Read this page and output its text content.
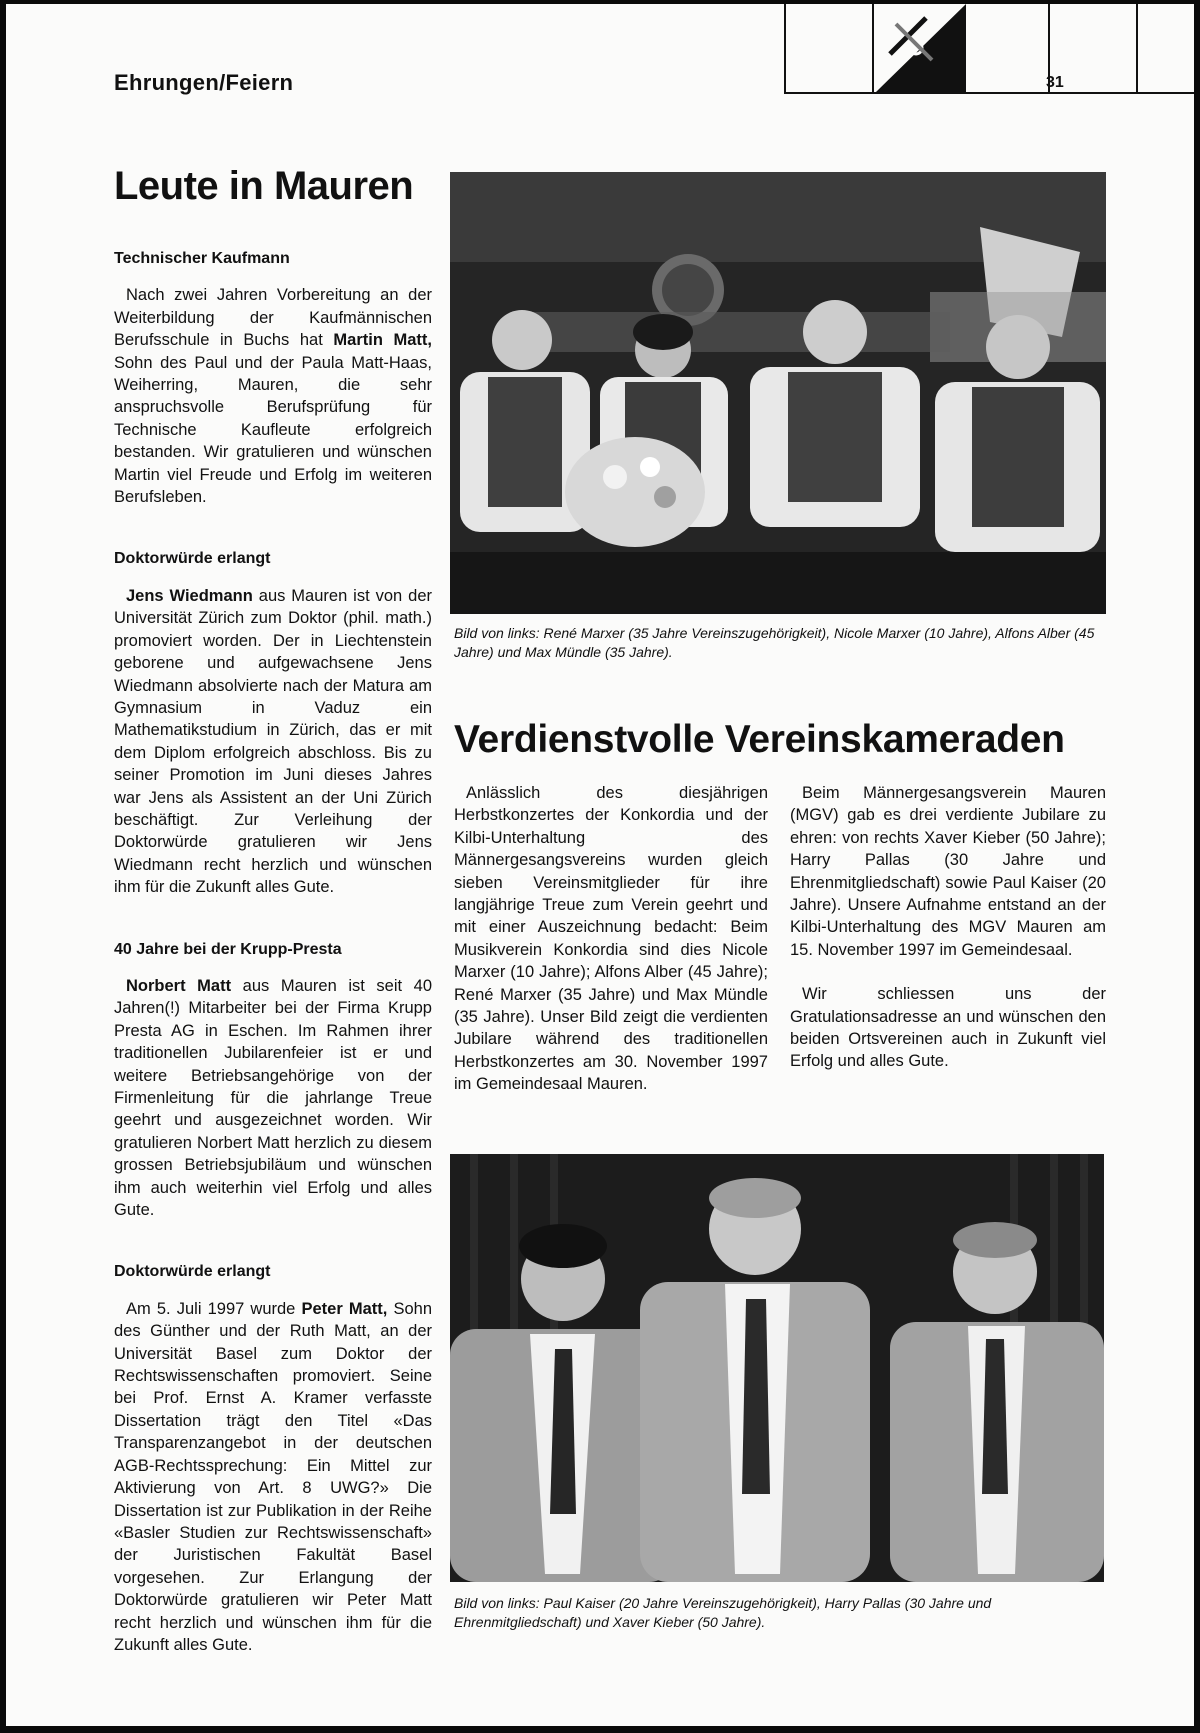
Ehrungen/Feiern	31
Leute in Mauren
Technischer Kaufmann

Nach zwei Jahren Vorbereitung an der Weiterbildung der Kaufmännischen Berufsschule in Buchs hat Martin Matt, Sohn des Paul und der Paula Matt-Haas, Weiherring, Mauren, die sehr anspruchsvolle Berufsprüfung für Technische Kaufleute erfolgreich bestanden. Wir gratulieren und wünschen Martin viel Freude und Erfolg im weiteren Berufsleben.

Doktorwürde erlangt

Jens Wiedmann aus Mauren ist von der Universität Zürich zum Doktor (phil. math.) promoviert worden. Der in Liechtenstein geborene und aufgewachsene Jens Wiedmann absolvierte nach der Matura am Gymnasium in Vaduz ein Mathematikstudium in Zürich, das er mit dem Diplom erfolgreich abschloss. Bis zu seiner Promotion im Juni dieses Jahres war Jens als Assistent an der Uni Zürich beschäftigt. Zur Verleihung der Doktorwürde gratulieren wir Jens Wiedmann recht herzlich und wünschen ihm für die Zukunft alles Gute.

40 Jahre bei der Krupp-Presta

Norbert Matt aus Mauren ist seit 40 Jahren(!) Mitarbeiter bei der Firma Krupp Presta AG in Eschen. Im Rahmen ihrer traditionellen Jubilarenfeier ist er und weitere Betriebsangehörige von der Firmenleitung für die jahrlange Treue geehrt und ausgezeichnet worden. Wir gratulieren Norbert Matt herzlich zu diesem grossen Betriebsjubiläum und wünschen ihm auch weiterhin viel Erfolg und alles Gute.

Doktorwürde erlangt

Am 5. Juli 1997 wurde Peter Matt, Sohn des Günther und der Ruth Matt, an der Universität Basel zum Doktor der Rechtswissenschaften promoviert. Seine bei Prof. Ernst A. Kramer verfasste Dissertation trägt den Titel «Das Transparenzangebot in der deutschen AGB-Rechtssprechung: Ein Mittel zur Aktivierung von Art. 8 UWG?» Die Dissertation ist zur Publikation in der Reihe «Basler Studien zur Rechtswissenschaft» der Juristischen Fakultät Basel vorgesehen. Zur Erlangung der Doktorwürde gratulieren wir Peter Matt recht herzlich und wünschen ihm für die Zukunft alles Gute.

Bild von links: René Marxer (35 Jahre Vereinszugehörigkeit), Nicole Marxer (10 Jahre), Alfons Alber (45 Jahre) und Max Mündle (35 Jahre).
Verdienstvolle Vereinskameraden

Anlässlich des diesjährigen Herbstkonzertes der Konkordia und der Kilbi-Unterhaltung des Männergesangsvereins wurden gleich sieben Vereinsmitglieder für ihre langjährige Treue zum Verein geehrt und mit einer Auszeichnung bedacht: Beim Musikverein Konkordia sind dies Nicole Marxer (10 Jahre); Alfons Alber (45 Jahre); René Marxer (35 Jahre) und Max Mündle (35 Jahre). Unser Bild zeigt die verdienten Jubilare während des traditionellen Herbstkonzertes am 30. November 1997 im Gemeindesaal Mauren.

Beim Männergesangsverein Mauren (MGV) gab es drei verdiente Jubilare zu ehren: von rechts Xaver Kieber (50 Jahre); Harry Pallas (30 Jahre und Ehrenmitgliedschaft) sowie Paul Kaiser (20 Jahre). Unsere Aufnahme entstand an der Kilbi-Unterhaltung des MGV Mauren am 15. November 1997 im Gemeindesaal.

Wir schliessen uns der Gratulationsadresse an und wünschen den beiden Ortsvereinen auch in Zukunft viel Erfolg und alles Gute.

Bild von links: Paul Kaiser (20 Jahre Vereinszugehörigkeit), Harry Pallas (30 Jahre und Ehrenmitgliedschaft) und Xaver Kieber (50 Jahre).
